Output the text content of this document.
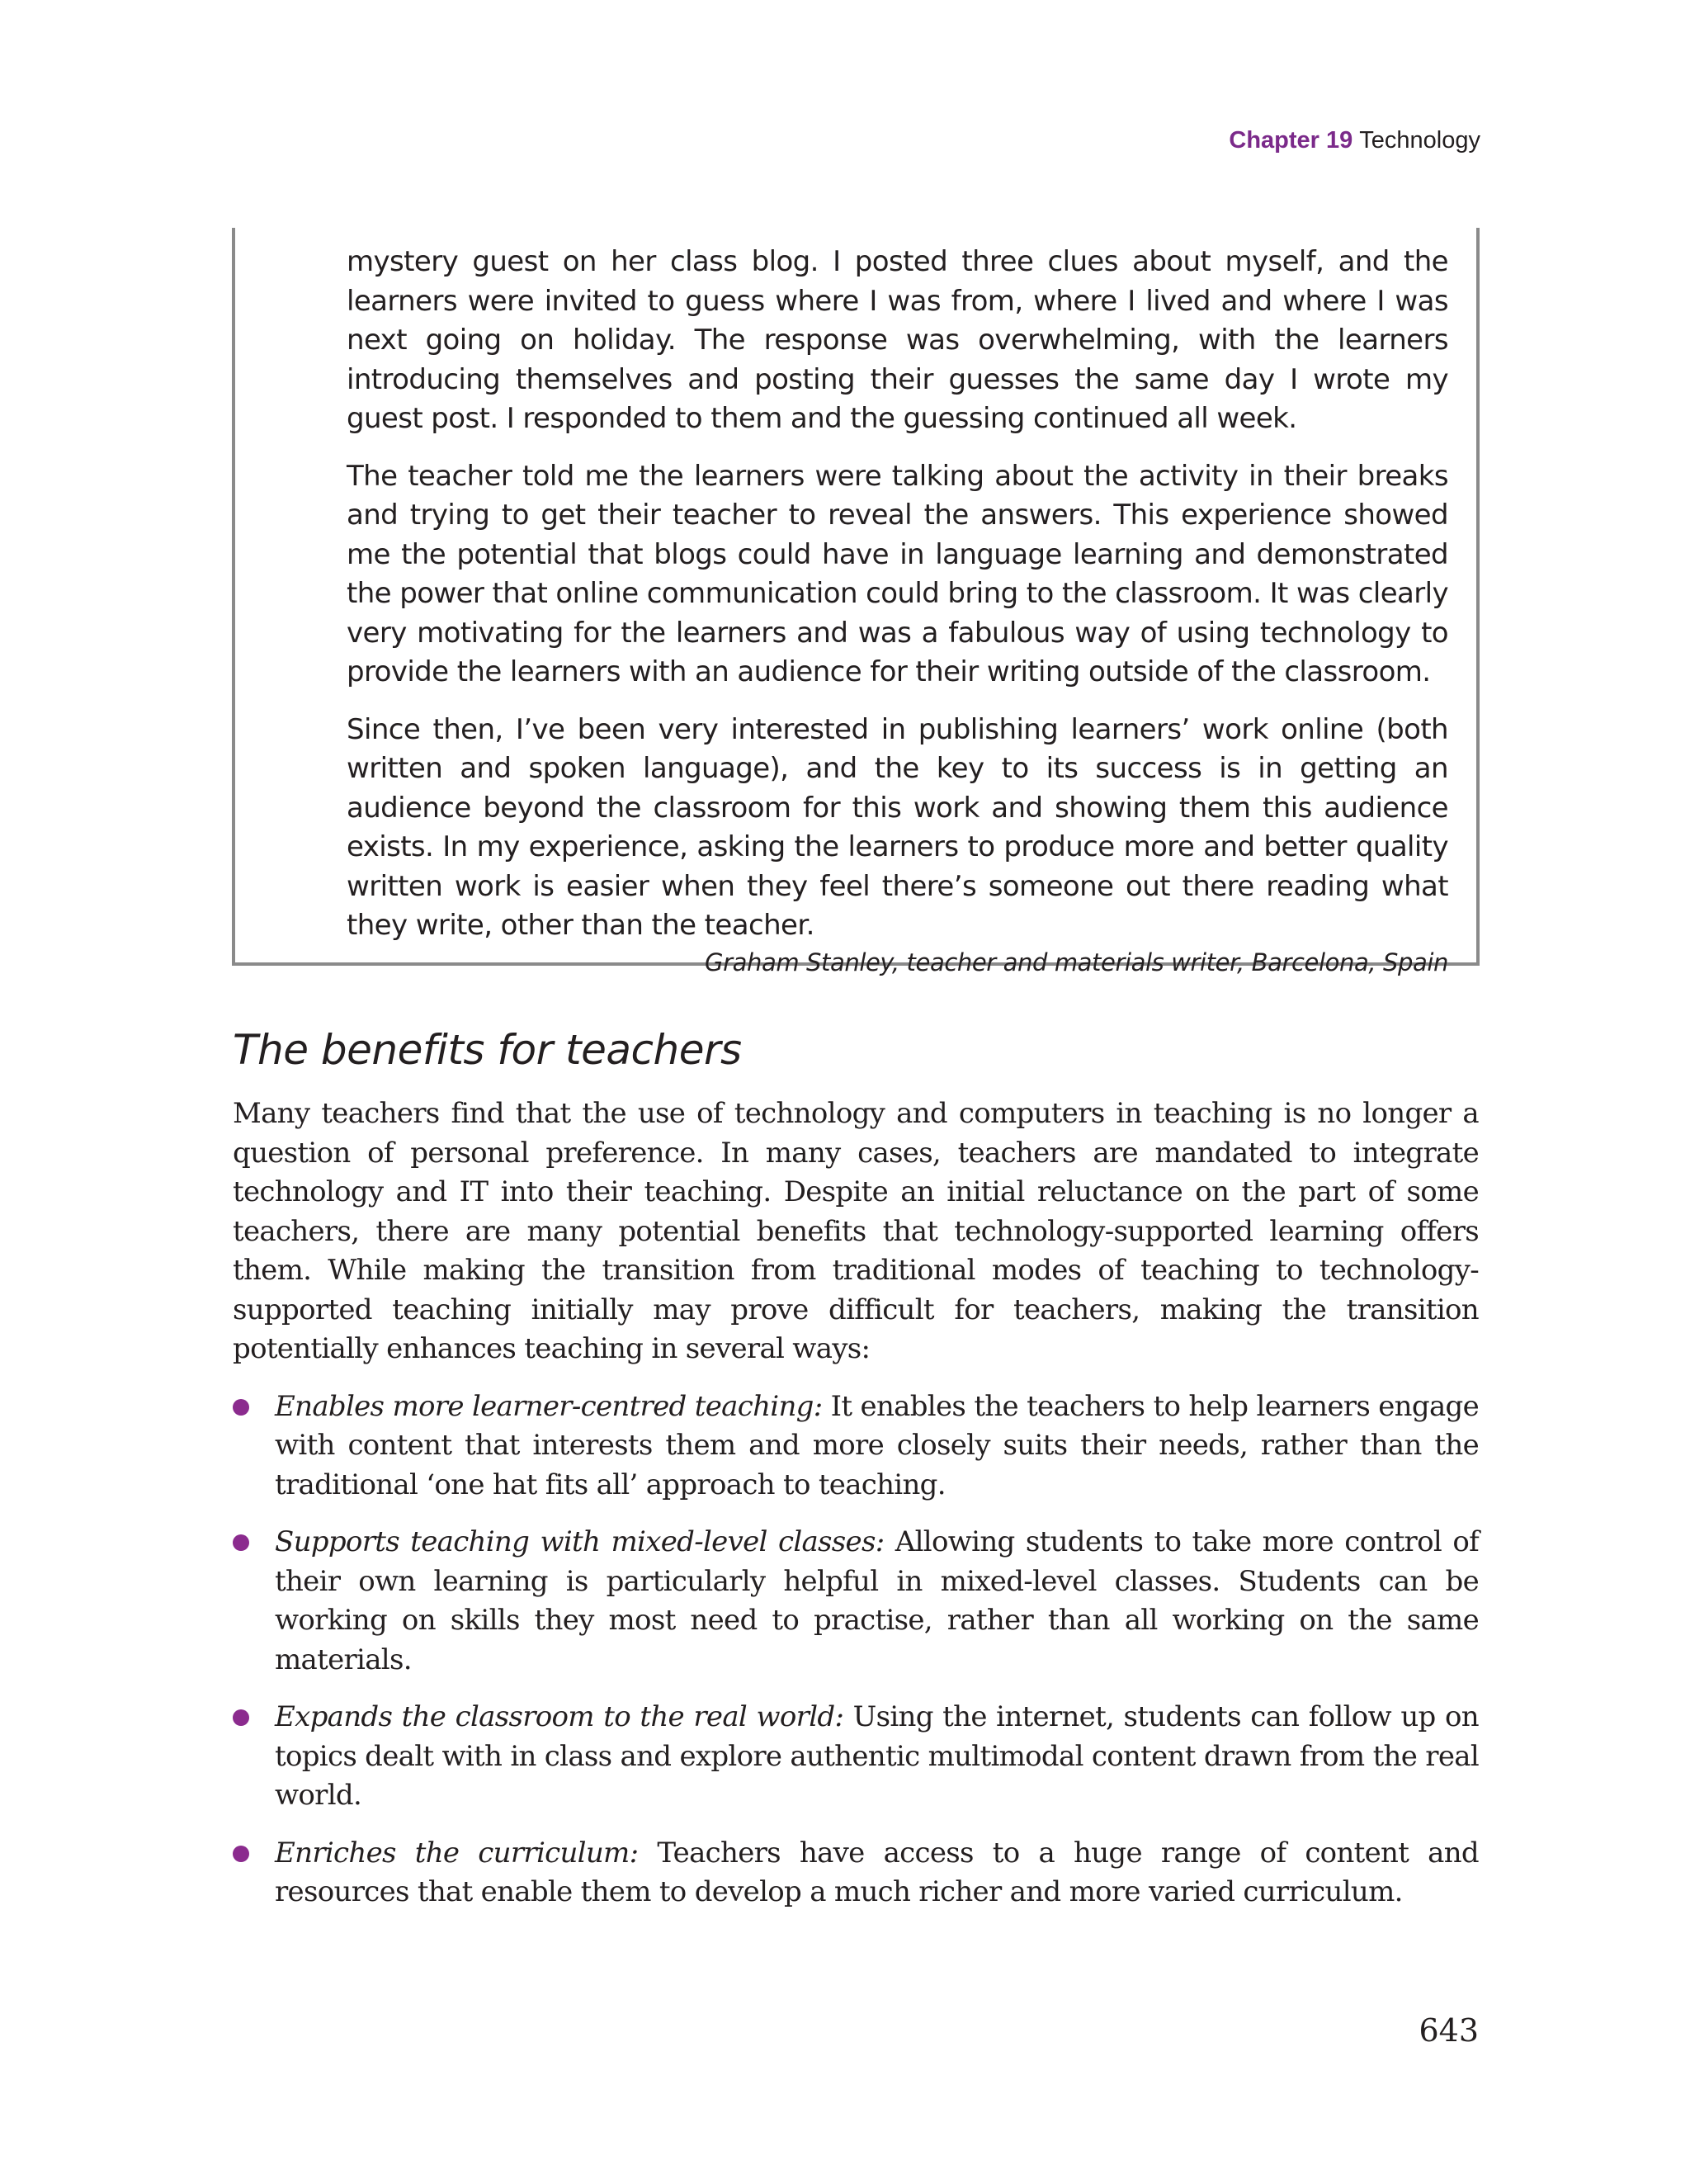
Chapter 19 Technology

mystery guest on her class blog. I posted three clues about myself, and the learners were invited to guess where I was from, where I lived and where I was next going on holiday. The response was overwhelming, with the learners introducing themselves and posting their guesses the same day I wrote my guest post. I responded to them and the guessing continued all week.

The teacher told me the learners were talking about the activity in their breaks and trying to get their teacher to reveal the answers. This experience showed me the potential that blogs could have in language learning and demonstrated the power that online communication could bring to the classroom. It was clearly very motivating for the learners and was a fabulous way of using technology to provide the learners with an audience for their writing outside of the classroom.

Since then, I’ve been very interested in publishing learners’ work online (both written and spoken language), and the key to its success is in getting an audience beyond the classroom for this work and showing them this audience exists. In my experience, asking the learners to produce more and better quality written work is easier when they feel there’s someone out there reading what they write, other than the teacher.

Graham Stanley, teacher and materials writer, Barcelona, Spain
The benefits for teachers

Many teachers find that the use of technology and computers in teaching is no longer a question of personal preference. In many cases, teachers are mandated to integrate technology and IT into their teaching. Despite an initial reluctance on the part of some teachers, there are many potential benefits that technology-supported learning offers them. While making the transition from traditional modes of teaching to technology-supported teaching initially may prove difficult for teachers, making the transition potentially enhances teaching in several ways:

Enables more learner-centred teaching: It enables the teachers to help learners engage with content that interests them and more closely suits their needs, rather than the traditional ‘one hat fits all’ approach to teaching.
Supports teaching with mixed-level classes: Allowing students to take more control of their own learning is particularly helpful in mixed-level classes. Students can be working on skills they most need to practise, rather than all working on the same materials.
Expands the classroom to the real world: Using the internet, students can follow up on topics dealt with in class and explore authentic multimodal content drawn from the real world.
Enriches the curriculum: Teachers have access to a huge range of content and resources that enable them to develop a much richer and more varied curriculum.
643
